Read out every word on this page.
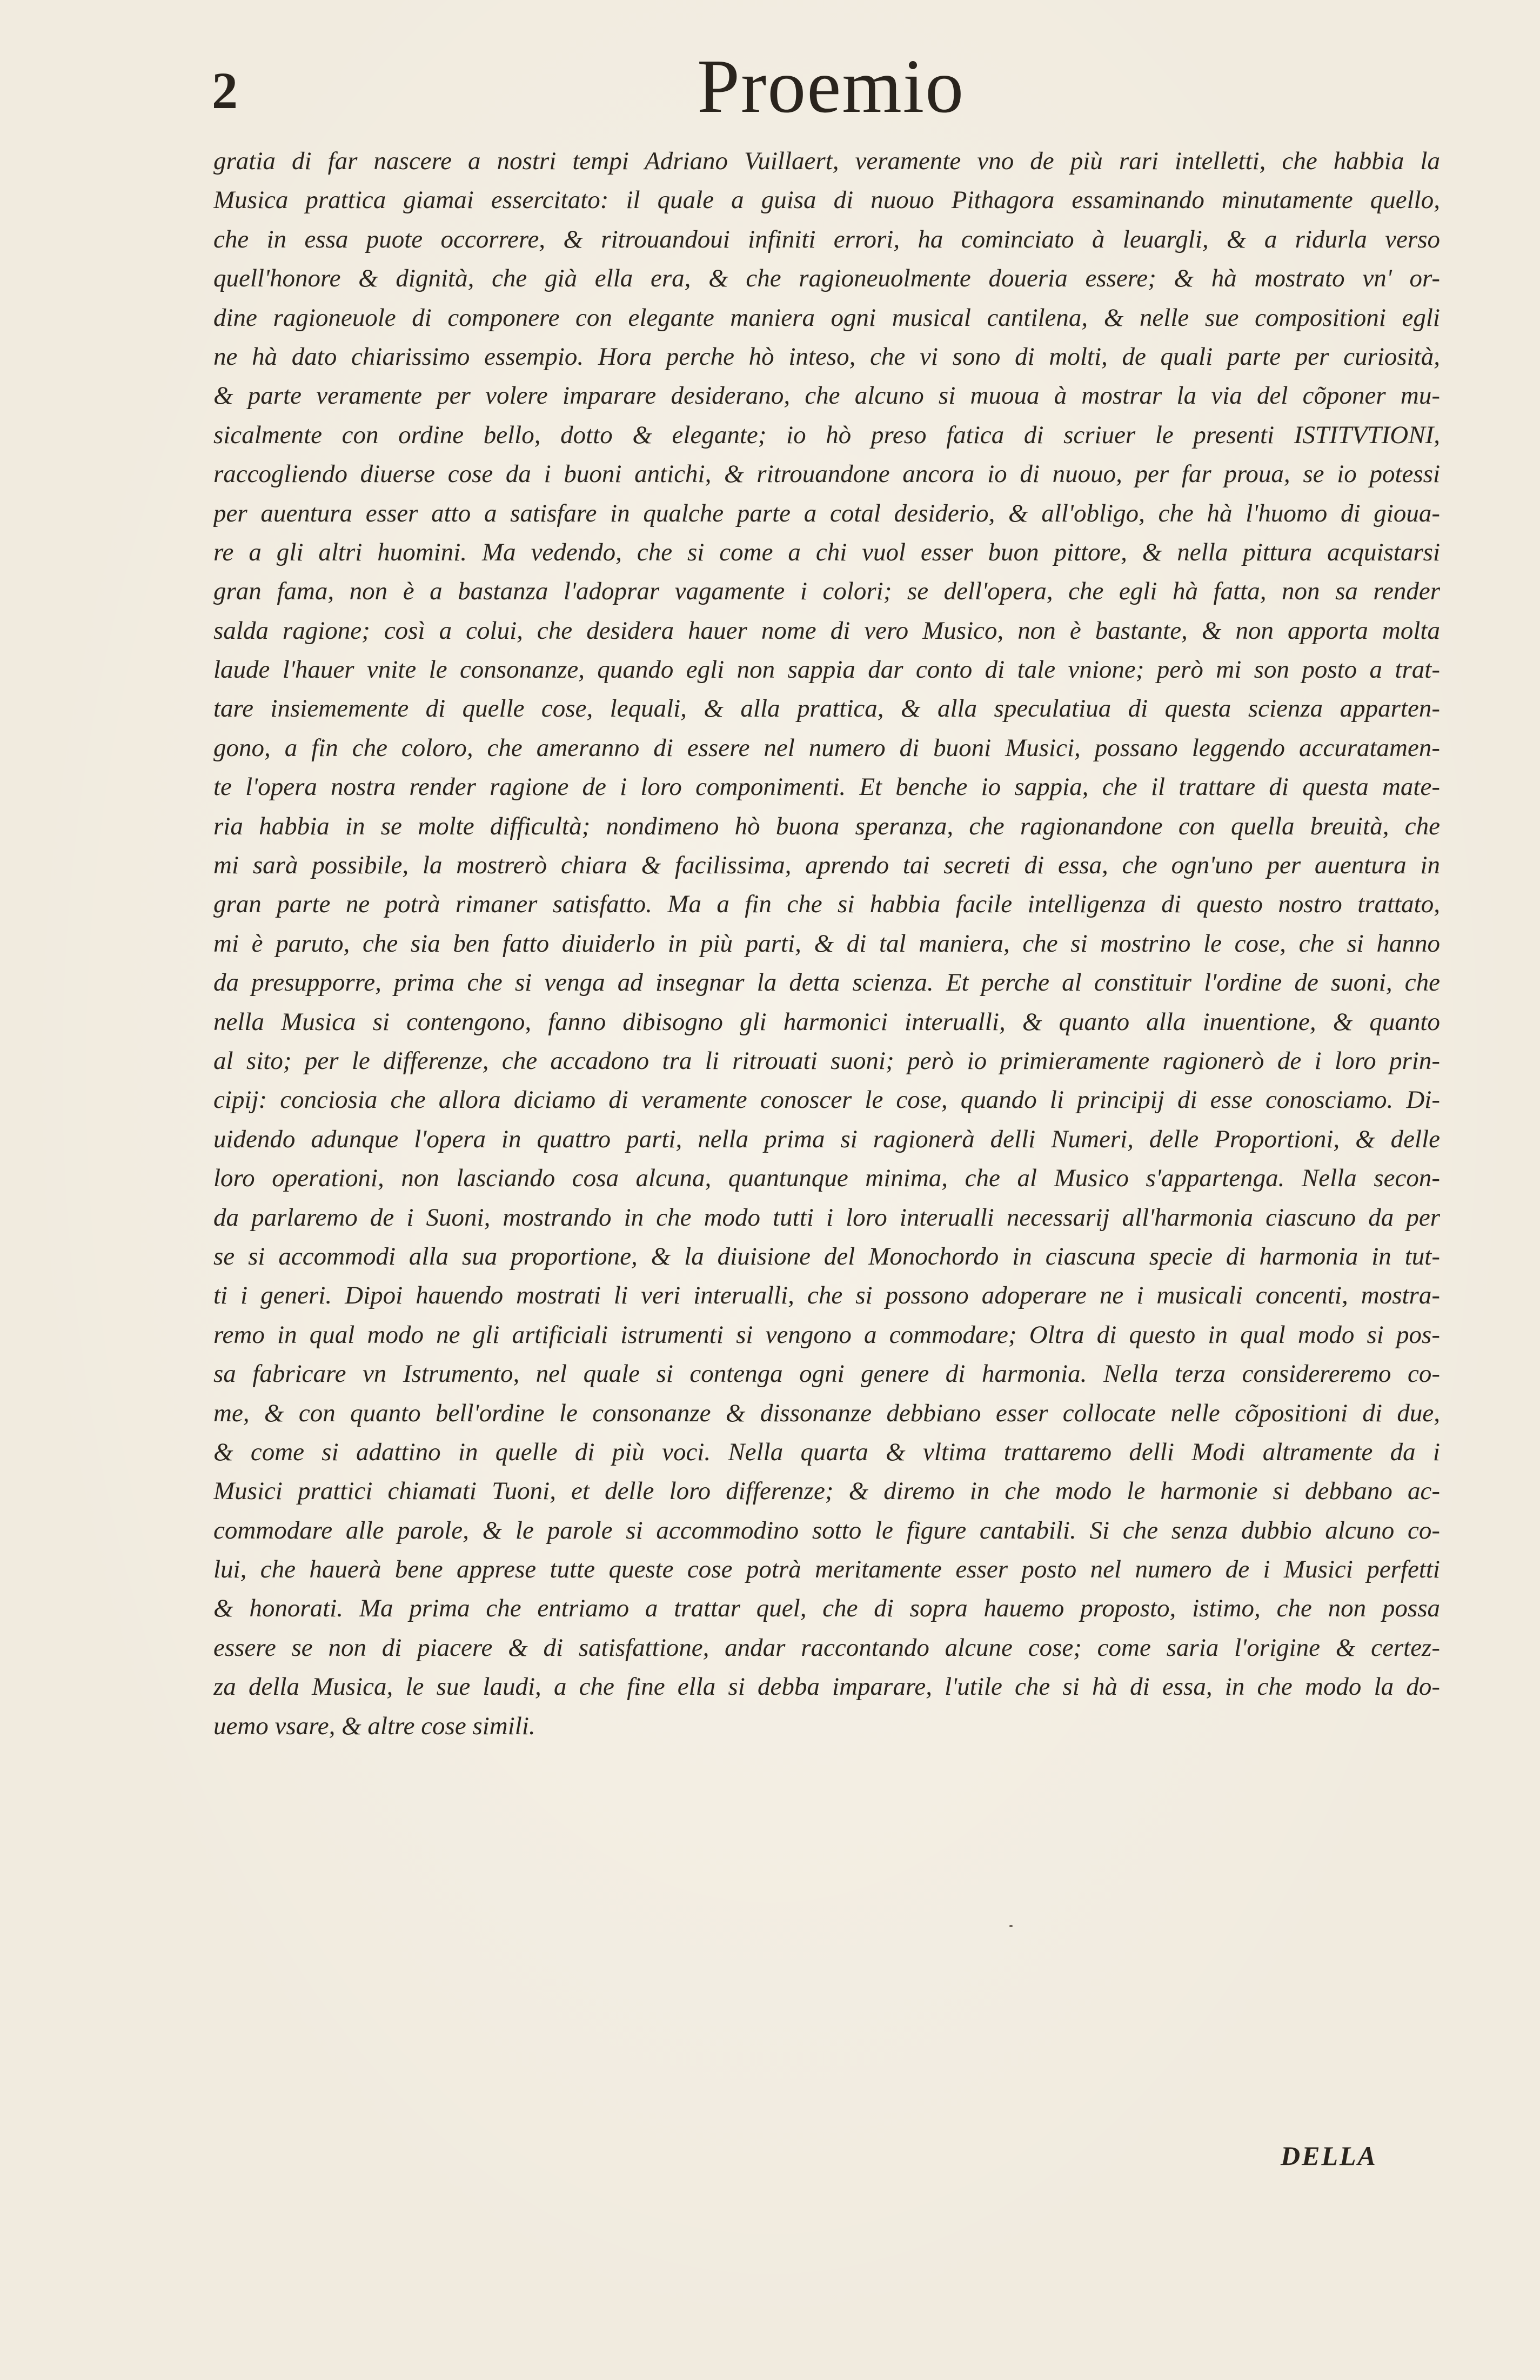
2	Proemio
gratia di far nascere a nostri tempi Adriano Vuillaert, veramente vno de più rari intelletti, che habbia la
Musica prattica giamai essercitato: il quale a guisa di nuouo Pithagora essaminando minutamente quello,
che in essa puote occorrere, & ritrouandoui infiniti errori, ha cominciato à leuargli, & a ridurla verso
quell'honore & dignità, che già ella era, & che ragioneuolmente doueria essere; & hà mostrato vn' or-
dine ragioneuole di componere con elegante maniera ogni musical cantilena, & nelle sue compositioni egli
ne hà dato chiarissimo essempio. Hora perche hò inteso, che vi sono di molti, de quali parte per curiosità,
& parte veramente per volere imparare desiderano, che alcuno si muoua à mostrar la via del cõponer mu-
sicalmente con ordine bello, dotto & elegante; io hò preso fatica di scriuer le presenti ISTITVTIONI,
raccogliendo diuerse cose da i buoni antichi, & ritrouandone ancora io di nuouo, per far proua, se io potessi
per auentura esser atto a satisfare in qualche parte a cotal desiderio, & all'obligo, che hà l'huomo di gioua-
re a gli altri huomini. Ma vedendo, che si come a chi vuol esser buon pittore, & nella pittura acquistarsi
gran fama, non è a bastanza l'adoprar vagamente i colori; se dell'opera, che egli hà fatta, non sa render
salda ragione; così a colui, che desidera hauer nome di vero Musico, non è bastante, & non apporta molta
laude l'hauer vnite le consonanze, quando egli non sappia dar conto di tale vnione; però mi son posto a trat-
tare insiememente di quelle cose, lequali, & alla prattica, & alla speculatiua di questa scienza apparten-
gono, a fin che coloro, che ameranno di essere nel numero di buoni Musici, possano leggendo accuratamen-
te l'opera nostra render ragione de i loro componimenti. Et benche io sappia, che il trattare di questa mate-
ria habbia in se molte difficultà; nondimeno hò buona speranza, che ragionandone con quella breuità, che
mi sarà possibile, la mostrerò chiara & facilissima, aprendo tai secreti di essa, che ogn'uno per auentura in
gran parte ne potrà rimaner satisfatto. Ma a fin che si habbia facile intelligenza di questo nostro trattato,
mi è paruto, che sia ben fatto diuiderlo in più parti, & di tal maniera, che si mostrino le cose, che si hanno
da presupporre, prima che si venga ad insegnar la detta scienza. Et perche al constituir l'ordine de suoni, che
nella Musica si contengono, fanno dibisogno gli harmonici interualli, & quanto alla inuentione, & quanto
al sito; per le differenze, che accadono tra li ritrouati suoni; però io primieramente ragionerò de i loro prin-
cipij: conciosia che allora diciamo di veramente conoscer le cose, quando li principij di esse conosciamo. Di-
uidendo adunque l'opera in quattro parti, nella prima si ragionerà delli Numeri, delle Proportioni, & delle
loro operationi, non lasciando cosa alcuna, quantunque minima, che al Musico s'appartenga. Nella secon-
da parlaremo de i Suoni, mostrando in che modo tutti i loro interualli necessarij all'harmonia ciascuno da per
se si accommodi alla sua proportione, & la diuisione del Monochordo in ciascuna specie di harmonia in tut-
ti i generi. Dipoi hauendo mostrati li veri interualli, che si possono adoperare ne i musicali concenti, mostra-
remo in qual modo ne gli artificiali istrumenti si vengono a commodare; Oltra di questo in qual modo si pos-
sa fabricare vn Istrumento, nel quale si contenga ogni genere di harmonia. Nella terza considereremo co-
me, & con quanto bell'ordine le consonanze & dissonanze debbiano esser collocate nelle cõpositioni di due,
& come si adattino in quelle di più voci. Nella quarta & vltima trattaremo delli Modi altramente da i
Musici prattici chiamati Tuoni, et delle loro differenze; & diremo in che modo le harmonie si debbano ac-
commodare alle parole, & le parole si accommodino sotto le figure cantabili. Si che senza dubbio alcuno co-
lui, che hauerà bene apprese tutte queste cose potrà meritamente esser posto nel numero de i Musici perfetti
& honorati. Ma prima che entriamo a trattar quel, che di sopra hauemo proposto, istimo, che non possa
essere se non di piacere & di satisfattione, andar raccontando alcune cose; come saria l'origine & certez-
za della Musica, le sue laudi, a che fine ella si debba imparare, l'utile che si hà di essa, in che modo la do-
uemo vsare, & altre cose simili.
DELLA
